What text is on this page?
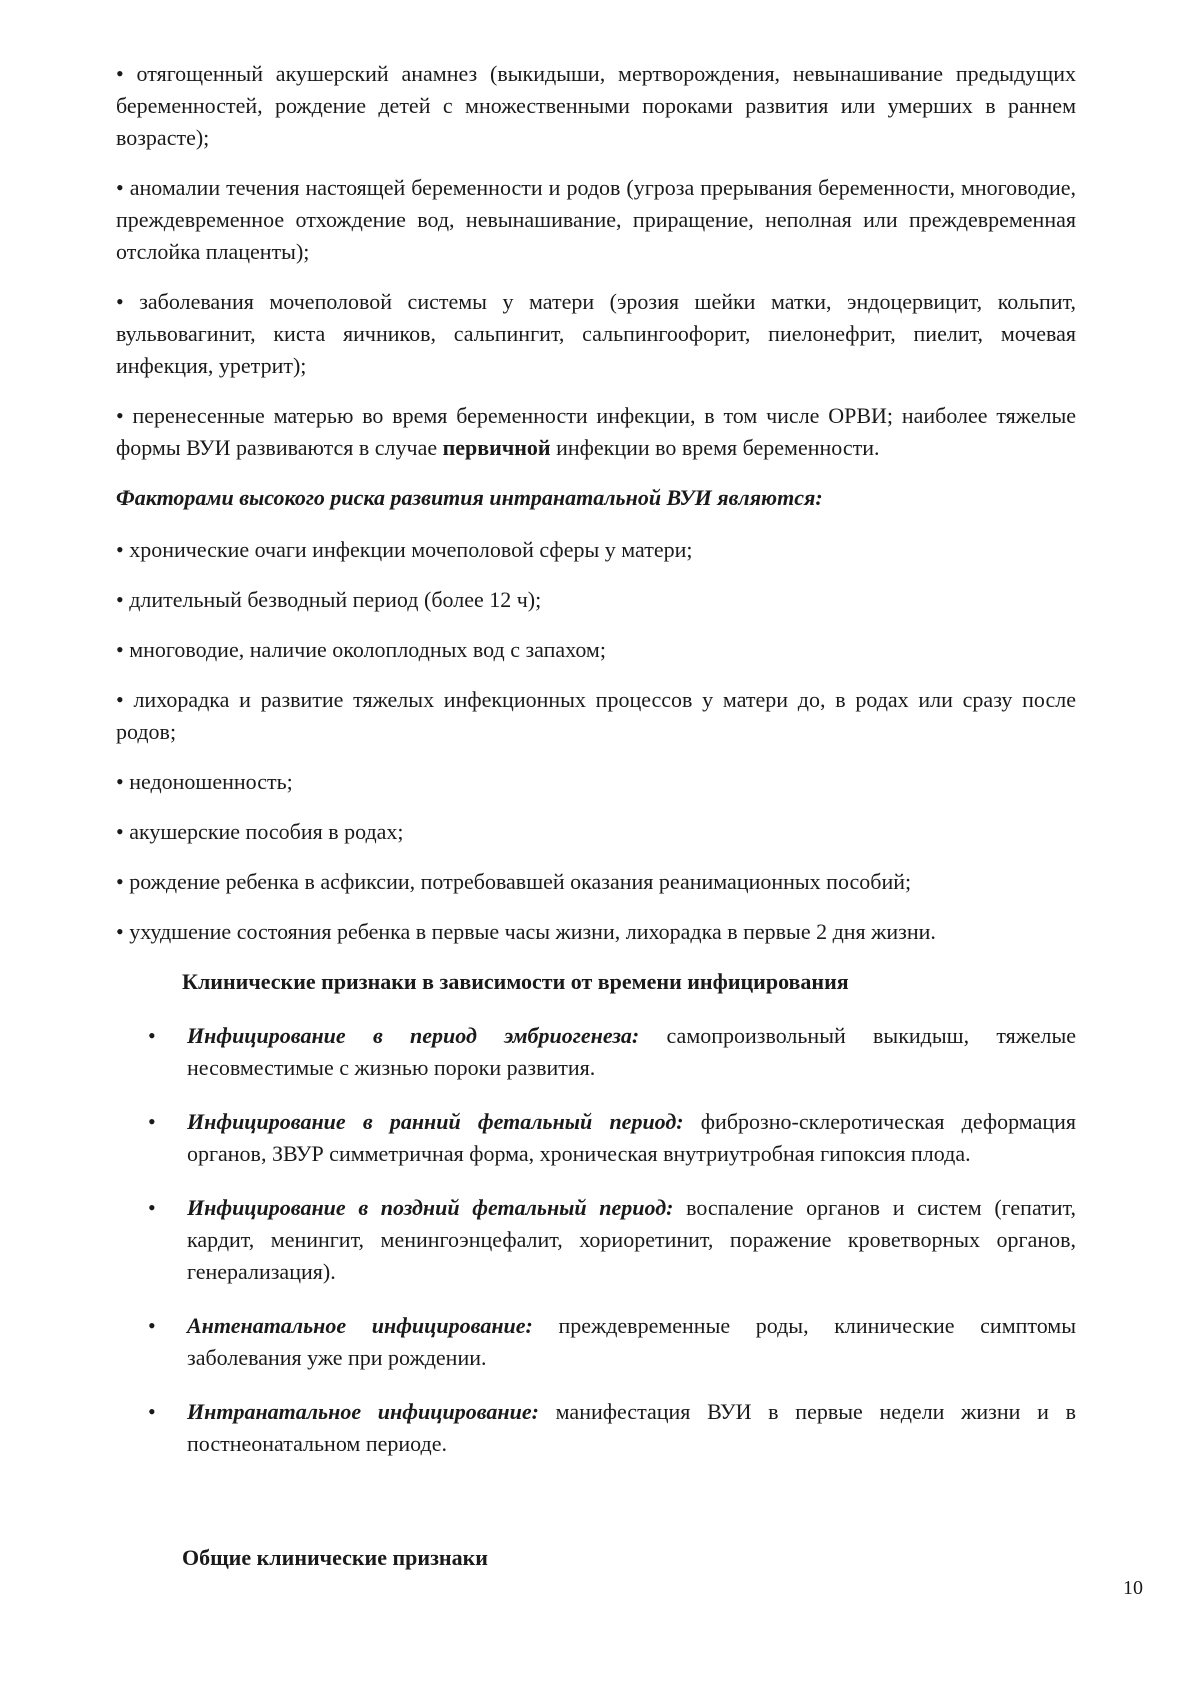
• отягощенный акушерский анамнез (выкидыши, мертворождения, невынашивание предыдущих беременностей, рождение детей с множественными пороками развития или умерших в раннем возрасте);

• аномалии течения настоящей беременности и родов (угроза прерывания беременности, многоводие, преждевременное отхождение вод, невынашивание, приращение, неполная или преждевременная отслойка плаценты);

• заболевания мочеполовой системы у матери (эрозия шейки матки, эндоцервицит, кольпит, вульвовагинит, киста яичников, сальпингит, сальпингоофорит, пиелонефрит, пиелит, мочевая инфекция, уретрит);

• перенесенные матерью во время беременности инфекции, в том числе ОРВИ; наиболее тяжелые формы ВУИ развиваются в случае первичной инфекции во время беременности.

Факторами высокого риска развития интранатальной ВУИ являются:

• хронические очаги инфекции мочеполовой сферы у матери;

• длительный безводный период (более 12 ч);

• многоводие, наличие околоплодных вод с запахом;

• лихорадка и развитие тяжелых инфекционных процессов у матери до, в родах или сразу после родов;

• недоношенность;

• акушерские пособия в родах;

• рождение ребенка в асфиксии, потребовавшей оказания реанимационных пособий;

• ухудшение состояния ребенка в первые часы жизни, лихорадка в первые 2 дня жизни.

Клинические признаки в зависимости от времени инфицирования

• Инфицирование в период эмбриогенеза: самопроизвольный выкидыш, тяжелые несовместимые с жизнью пороки развития.
• Инфицирование в ранний фетальный период: фиброзно-склеротическая деформация органов, ЗВУР симметричная форма, хроническая внутриутробная гипоксия плода.
• Инфицирование в поздний фетальный период: воспаление органов и систем (гепатит, кардит, менингит, менингоэнцефалит, хориоретинит, поражение кроветворных органов, генерализация).
• Антенатальное инфицирование: преждевременные роды, клинические симптомы заболевания уже при рождении.
• Интранатальное инфицирование: манифестация ВУИ в первые недели жизни и в постнеонатальном периоде.

Общие клинические признаки

10
